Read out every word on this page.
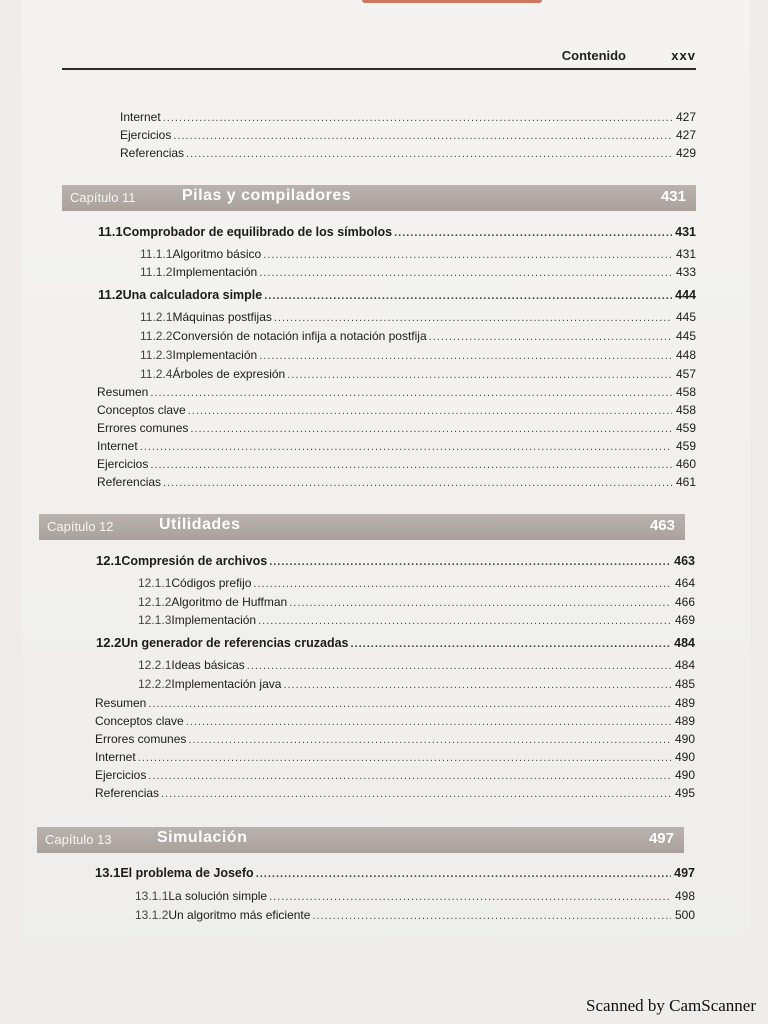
Contenido	xxv
Internet .....	427
Ejercicios .....	427
Referencias .....	429
Capítulo 11	Pilas y compiladores	431
11.1 Comprobador de equilibrado de los símbolos .....	431
11.1.1 Algoritmo básico .....	431
11.1.2 Implementación .....	433
11.2 Una calculadora simple .....	444
11.2.1 Máquinas postfijas .....	445
11.2.2 Conversión de notación infija a notación postfija .....	445
11.2.3 Implementación .....	448
11.2.4 Árboles de expresión .....	457
Resumen .....	458
Conceptos clave .....	458
Errores comunes .....	459
Internet .....	459
Ejercicios .....	460
Referencias .....	461
Capítulo 12	Utilidades	463
12.1 Compresión de archivos .....	463
12.1.1 Códigos prefijo .....	464
12.1.2 Algoritmo de Huffman .....	466
12.1.3 Implementación .....	469
12.2 Un generador de referencias cruzadas .....	484
12.2.1 Ideas básicas .....	484
12.2.2 Implementación java .....	485
Resumen .....	489
Conceptos clave .....	489
Errores comunes .....	490
Internet .....	490
Ejercicios .....	490
Referencias .....	495
Capítulo 13	Simulación	497
13.1 El problema de Josefo .....	497
13.1.1 La solución simple .....	498
13.1.2 Un algoritmo más eficiente .....	500
Scanned by CamScanner
